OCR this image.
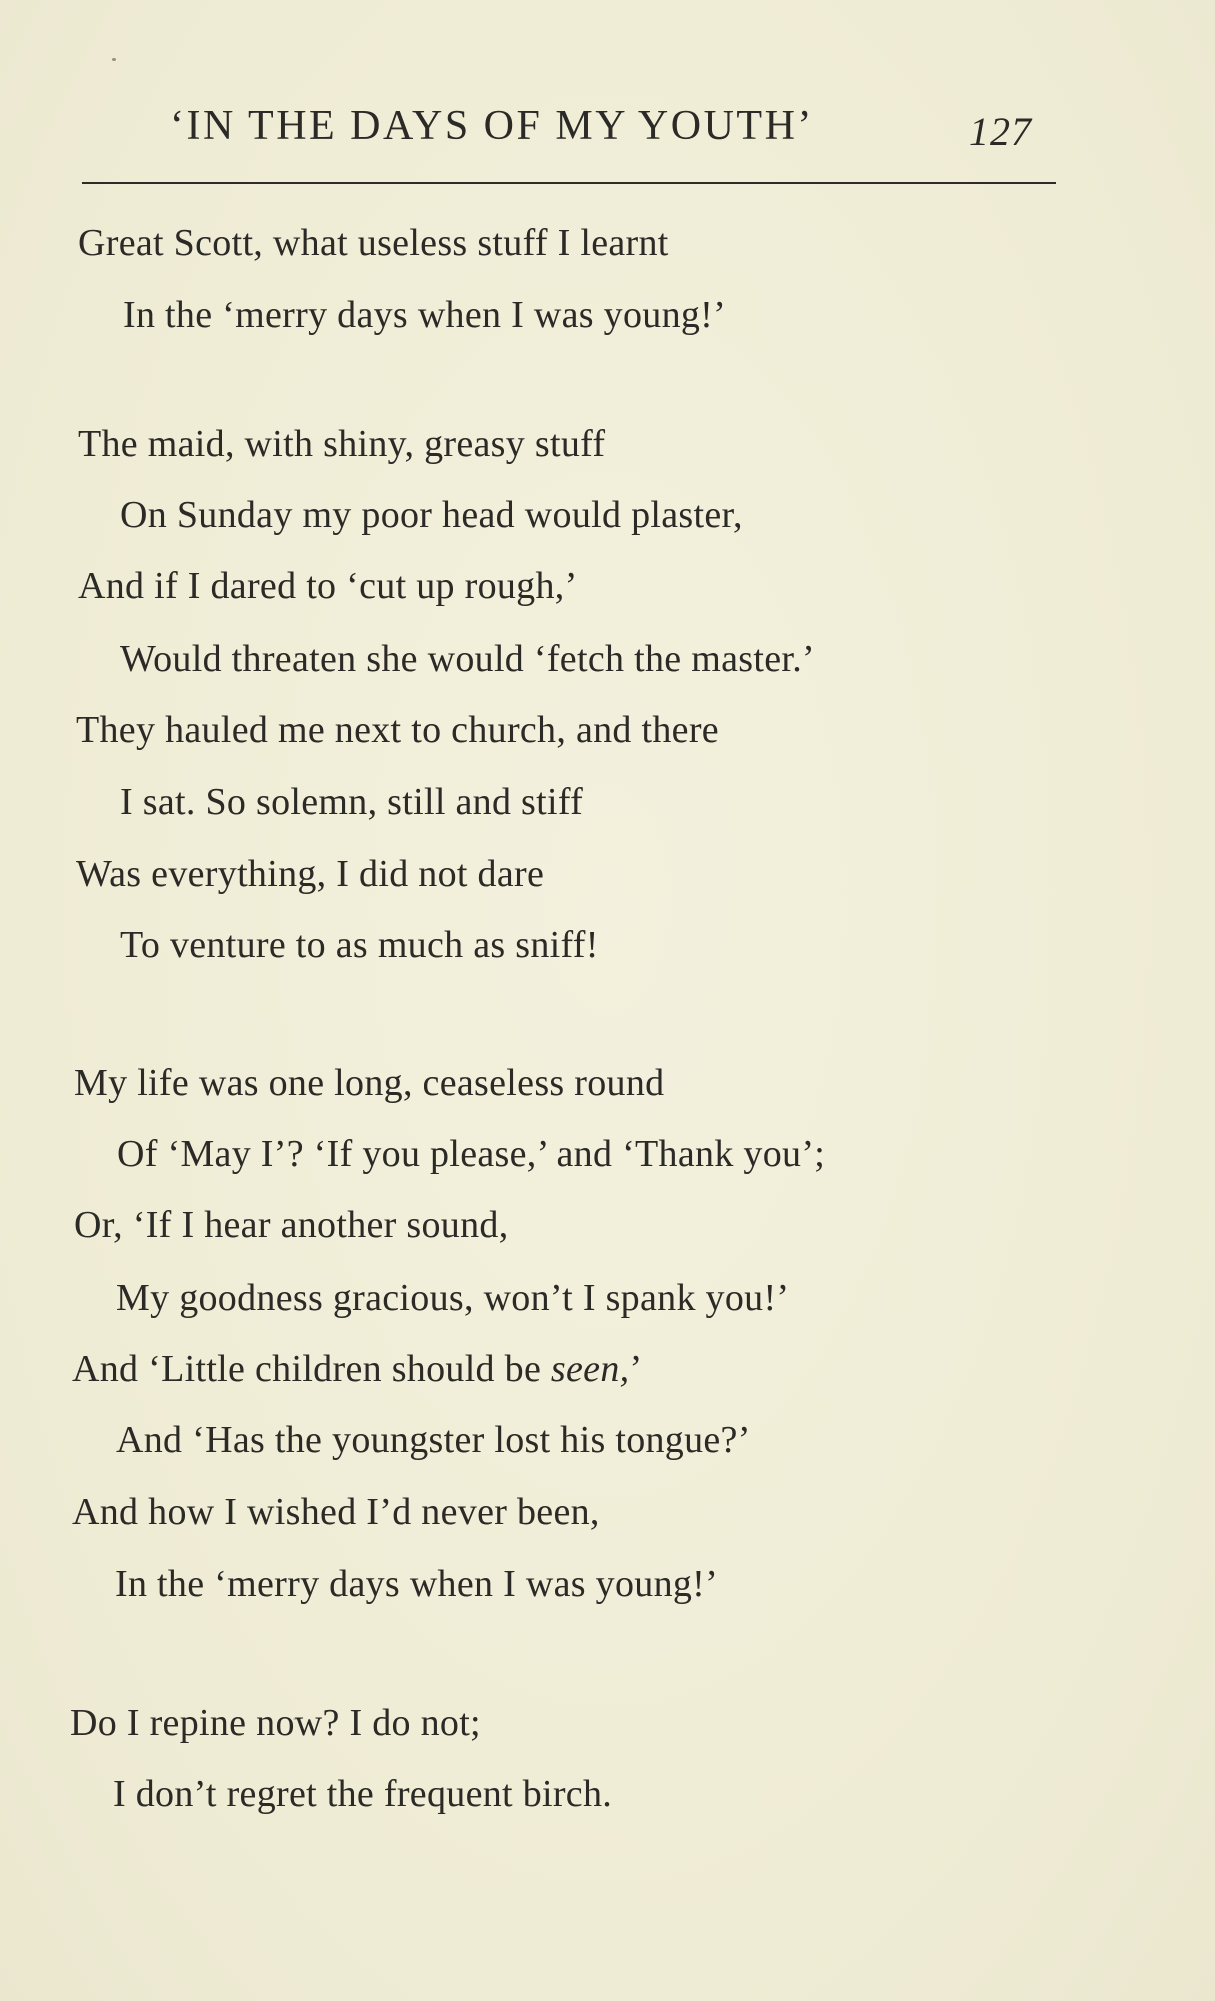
‘IN THE DAYS OF MY YOUTH’	127
Great Scott, what useless stuff I learnt
In the ‘merry days when I was young!’
The maid, with shiny, greasy stuff
On Sunday my poor head would plaster,
And if I dared to ‘cut up rough,’
Would threaten she would ‘fetch the master.’
They hauled me next to church, and there
I sat. So solemn, still and stiff
Was everything, I did not dare
To venture to as much as sniff!
My life was one long, ceaseless round
Of ‘May I’? ‘If you please,’ and ‘Thank you’;
Or, ‘If I hear another sound,
My goodness gracious, won’t I spank you!’
And ‘Little children should be seen,’
And ‘Has the youngster lost his tongue?’
And how I wished I’d never been,
In the ‘merry days when I was young!’
Do I repine now? I do not;
I don’t regret the frequent birch.
